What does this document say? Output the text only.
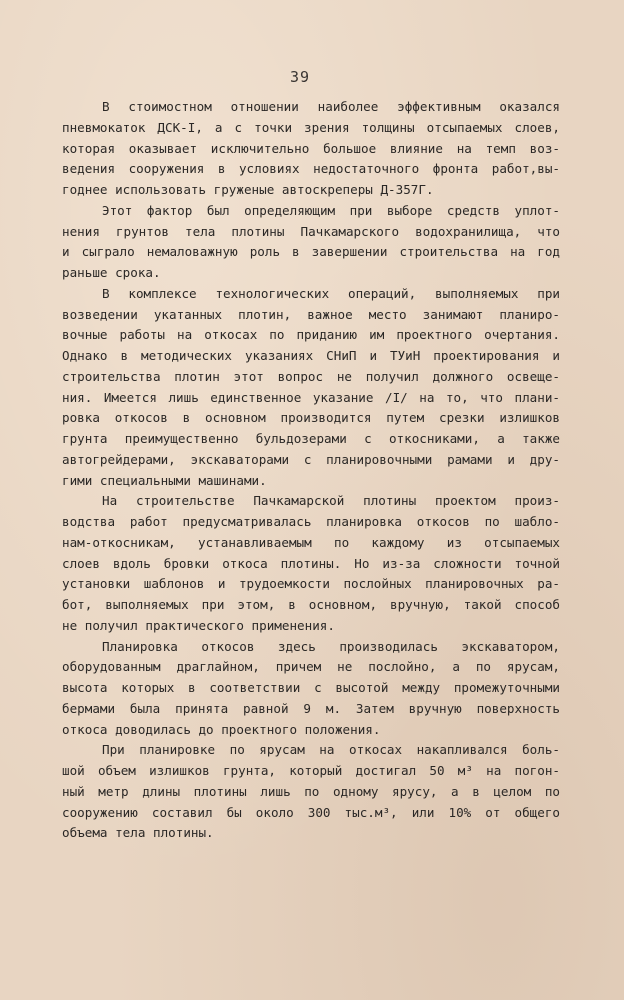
39
В стоимостном отношении наиболее эффективным оказался
пневмокаток ДСК-I, а с точки зрения толщины отсыпаемых слоев,
которая оказывает исключительно большое влияние на темп воз-
ведения сооружения в условиях недостаточного фронта работ,вы-
годнее использовать груженые автоскреперы Д-357Г.
Этот фактор был определяющим при выборе средств уплот-
нения грунтов тела плотины Пачкамарского водохранилища, что
и сыграло немаловажную роль в завершении строительства на год
раньше срока.
В комплексе технологических операций, выполняемых при
возведении укатанных плотин, важное место занимают планиро-
вочные работы на откосах по приданию им проектного очертания.
Однако в методических указаниях СНиП и ТУиН проектирования и
строительства плотин этот вопрос не получил должного освеще-
ния. Имеется лишь единственное указание /I/ на то, что плани-
ровка откосов в основном производится путем срезки излишков
грунта преимущественно бульдозерами с откосниками, а также
автогрейдерами, экскаваторами с планировочными рамами и дру-
гими специальными машинами.
На строительстве Пачкамарской плотины проектом произ-
водства работ предусматривалась планировка откосов по шабло-
нам-откосникам, устанавливаемым по каждому из отсыпаемых
слоев вдоль бровки откоса плотины. Но из-за сложности точной
установки шаблонов и трудоемкости послойных планировочных ра-
бот, выполняемых при этом, в основном, вручную, такой способ
не получил практического применения.
Планировка откосов здесь производилась экскаватором,
оборудованным драглайном, причем не послойно, а по ярусам,
высота которых в соответствии с высотой между промежуточными
бермами была принята равной 9 м. Затем вручную поверхность
откоса доводилась до проектного положения.
При планировке по ярусам на откосах накапливался боль-
шой объем излишков грунта, который достигал 50 м³ на погон-
ный метр длины плотины лишь по одному ярусу, а в целом по
сооружению составил бы около 300 тыс.м³, или 10% от общего
объема тела плотины.
